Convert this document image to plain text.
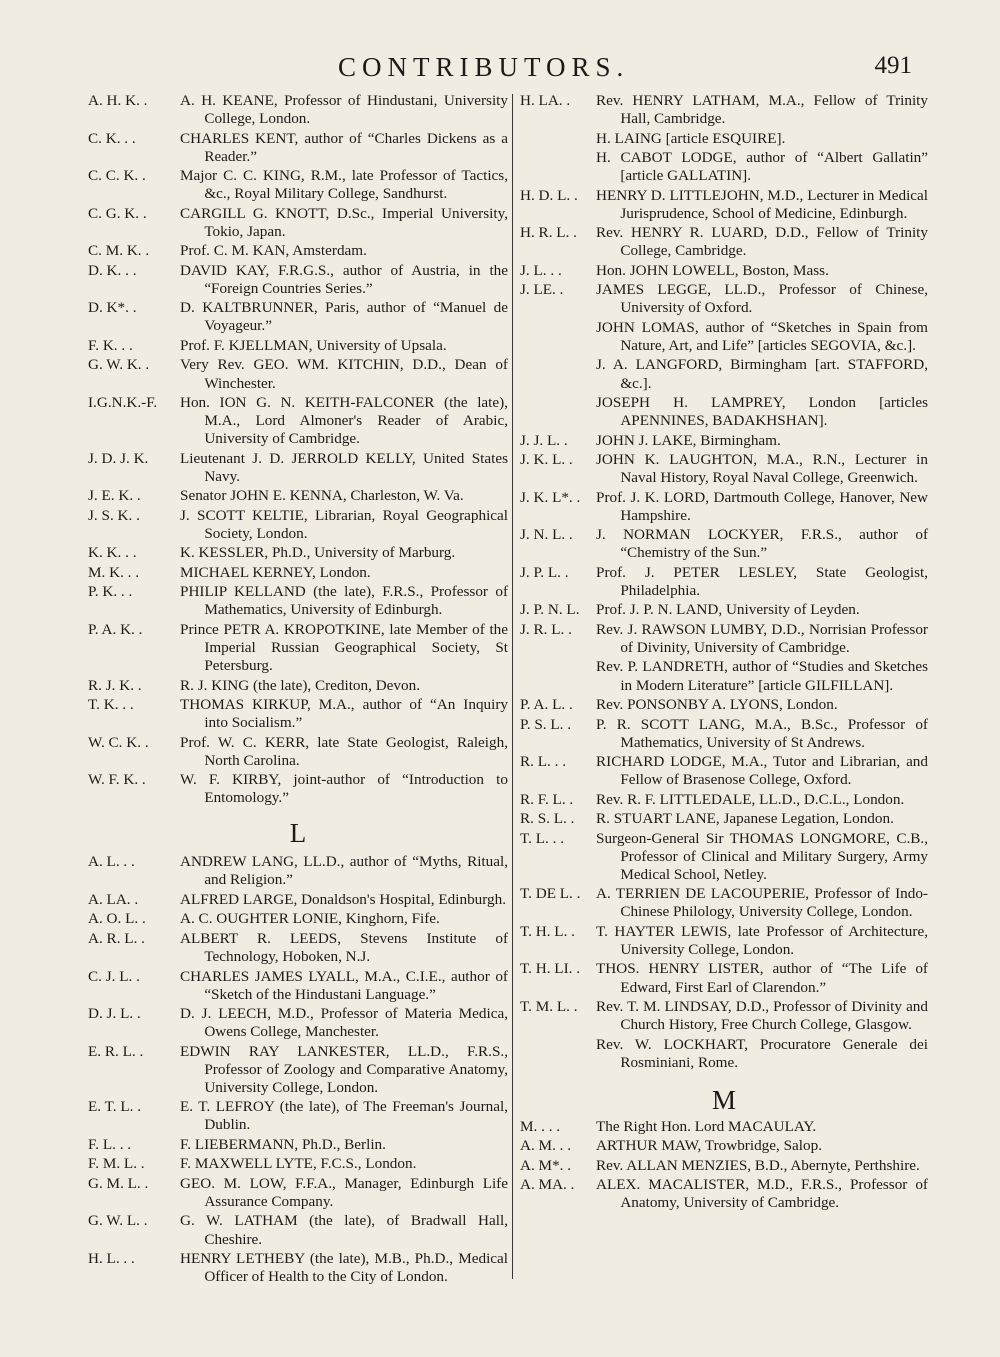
CONTRIBUTORS.	491
A. H. K. .	A. H. KEANE, Professor of Hindustani, University College, London.
C. K. . .	CHARLES KENT, author of “Charles Dickens as a Reader.”
C. C. K. .	Major C. C. KING, R.M., late Professor of Tactics, &c., Royal Military College, Sandhurst.
C. G. K. .	CARGILL G. KNOTT, D.Sc., Imperial University, Tokio, Japan.
C. M. K. .	Prof. C. M. KAN, Amsterdam.
D. K. . .	DAVID KAY, F.R.G.S., author of Austria, in the “Foreign Countries Series.”
D. K*. .	D. KALTBRUNNER, Paris, author of “Manuel de Voyageur.”
F. K. . .	Prof. F. KJELLMAN, University of Upsala.
G. W. K. .	Very Rev. GEO. WM. KITCHIN, D.D., Dean of Winchester.
I.G.N.K.-F.	Hon. ION G. N. KEITH-FALCONER (the late), M.A., Lord Almoner's Reader of Arabic, University of Cambridge.
J. D. J. K.	Lieutenant J. D. JERROLD KELLY, United States Navy.
J. E. K. .	Senator JOHN E. KENNA, Charleston, W. Va.
J. S. K. .	J. SCOTT KELTIE, Librarian, Royal Geographical Society, London.
K. K. . .	K. KESSLER, Ph.D., University of Marburg.
M. K. . .	MICHAEL KERNEY, London.
P. K. . .	PHILIP KELLAND (the late), F.R.S., Professor of Mathematics, University of Edinburgh.
P. A. K. .	Prince PETR A. KROPOTKINE, late Member of the Imperial Russian Geographical Society, St Petersburg.
R. J. K. .	R. J. KING (the late), Crediton, Devon.
T. K. . .	THOMAS KIRKUP, M.A., author of “An Inquiry into Socialism.”
W. C. K. .	Prof. W. C. KERR, late State Geologist, Raleigh, North Carolina.
W. F. K. .	W. F. KIRBY, joint-author of “Introduction to Entomology.”
L
A. L. . .	ANDREW LANG, LL.D., author of “Myths, Ritual, and Religion.”
A. LA. .	ALFRED LARGE, Donaldson's Hospital, Edinburgh.
A. O. L. .	A. C. OUGHTER LONIE, Kinghorn, Fife.
A. R. L. .	ALBERT R. LEEDS, Stevens Institute of Technology, Hoboken, N.J.
C. J. L. .	CHARLES JAMES LYALL, M.A., C.I.E., author of “Sketch of the Hindustani Language.”
D. J. L. .	D. J. LEECH, M.D., Professor of Materia Medica, Owens College, Manchester.
E. R. L. .	EDWIN RAY LANKESTER, LL.D., F.R.S., Professor of Zoology and Comparative Anatomy, University College, London.
E. T. L. .	E. T. LEFROY (the late), of The Freeman's Journal, Dublin.
F. L. . .	F. LIEBERMANN, Ph.D., Berlin.
F. M. L. .	F. MAXWELL LYTE, F.C.S., London.
G. M. L. .	GEO. M. LOW, F.F.A., Manager, Edinburgh Life Assurance Company.
G. W. L. .	G. W. LATHAM (the late), of Bradwall Hall, Cheshire.
H. L. . .	HENRY LETHEBY (the late), M.B., Ph.D., Medical Officer of Health to the City of London.
H. LA. .	Rev. HENRY LATHAM, M.A., Fellow of Trinity Hall, Cambridge.
H. LAING [article ESQUIRE].
H. CABOT LODGE, author of “Albert Gallatin” [article GALLATIN].
H. D. L. .	HENRY D. LITTLEJOHN, M.D., Lecturer in Medical Jurisprudence, School of Medicine, Edinburgh.
H. R. L. .	Rev. HENRY R. LUARD, D.D., Fellow of Trinity College, Cambridge.
J. L. . .	Hon. JOHN LOWELL, Boston, Mass.
J. LE. .	JAMES LEGGE, LL.D., Professor of Chinese, University of Oxford.
JOHN LOMAS, author of “Sketches in Spain from Nature, Art, and Life” [articles SEGOVIA, &c.].
J. A. LANGFORD, Birmingham [art. STAFFORD, &c.].
JOSEPH H. LAMPREY, London [articles APENNINES, BADAKHSHAN].
J. J. L. .	JOHN J. LAKE, Birmingham.
J. K. L. .	JOHN K. LAUGHTON, M.A., R.N., Lecturer in Naval History, Royal Naval College, Greenwich.
J. K. L*. .	Prof. J. K. LORD, Dartmouth College, Hanover, New Hampshire.
J. N. L. .	J. NORMAN LOCKYER, F.R.S., author of “Chemistry of the Sun.”
J. P. L. .	Prof. J. PETER LESLEY, State Geologist, Philadelphia.
J. P. N. L.	Prof. J. P. N. LAND, University of Leyden.
J. R. L. .	Rev. J. RAWSON LUMBY, D.D., Norrisian Professor of Divinity, University of Cambridge.
Rev. P. LANDRETH, author of “Studies and Sketches in Modern Literature” [article GILFILLAN].
P. A. L. .	Rev. PONSONBY A. LYONS, London.
P. S. L. .	P. R. SCOTT LANG, M.A., B.Sc., Professor of Mathematics, University of St Andrews.
R. L. . .	RICHARD LODGE, M.A., Tutor and Librarian, and Fellow of Brasenose College, Oxford.
R. F. L. .	Rev. R. F. LITTLEDALE, LL.D., D.C.L., London.
R. S. L. .	R. STUART LANE, Japanese Legation, London.
T. L. . .	Surgeon-General Sir THOMAS LONGMORE, C.B., Professor of Clinical and Military Surgery, Army Medical School, Netley.
T. DE L. .	A. TERRIEN DE LACOUPERIE, Professor of Indo-Chinese Philology, University College, London.
T. H. L. .	T. HAYTER LEWIS, late Professor of Architecture, University College, London.
T. H. LI. .	THOS. HENRY LISTER, author of “The Life of Edward, First Earl of Clarendon.”
T. M. L. .	Rev. T. M. LINDSAY, D.D., Professor of Divinity and Church History, Free Church College, Glasgow.
Rev. W. LOCKHART, Procuratore Generale dei Rosminiani, Rome.
M
M. . . .	The Right Hon. Lord MACAULAY.
A. M. . .	ARTHUR MAW, Trowbridge, Salop.
A. M*. .	Rev. ALLAN MENZIES, B.D., Abernyte, Perthshire.
A. MA. .	ALEX. MACALISTER, M.D., F.R.S., Professor of Anatomy, University of Cambridge.
